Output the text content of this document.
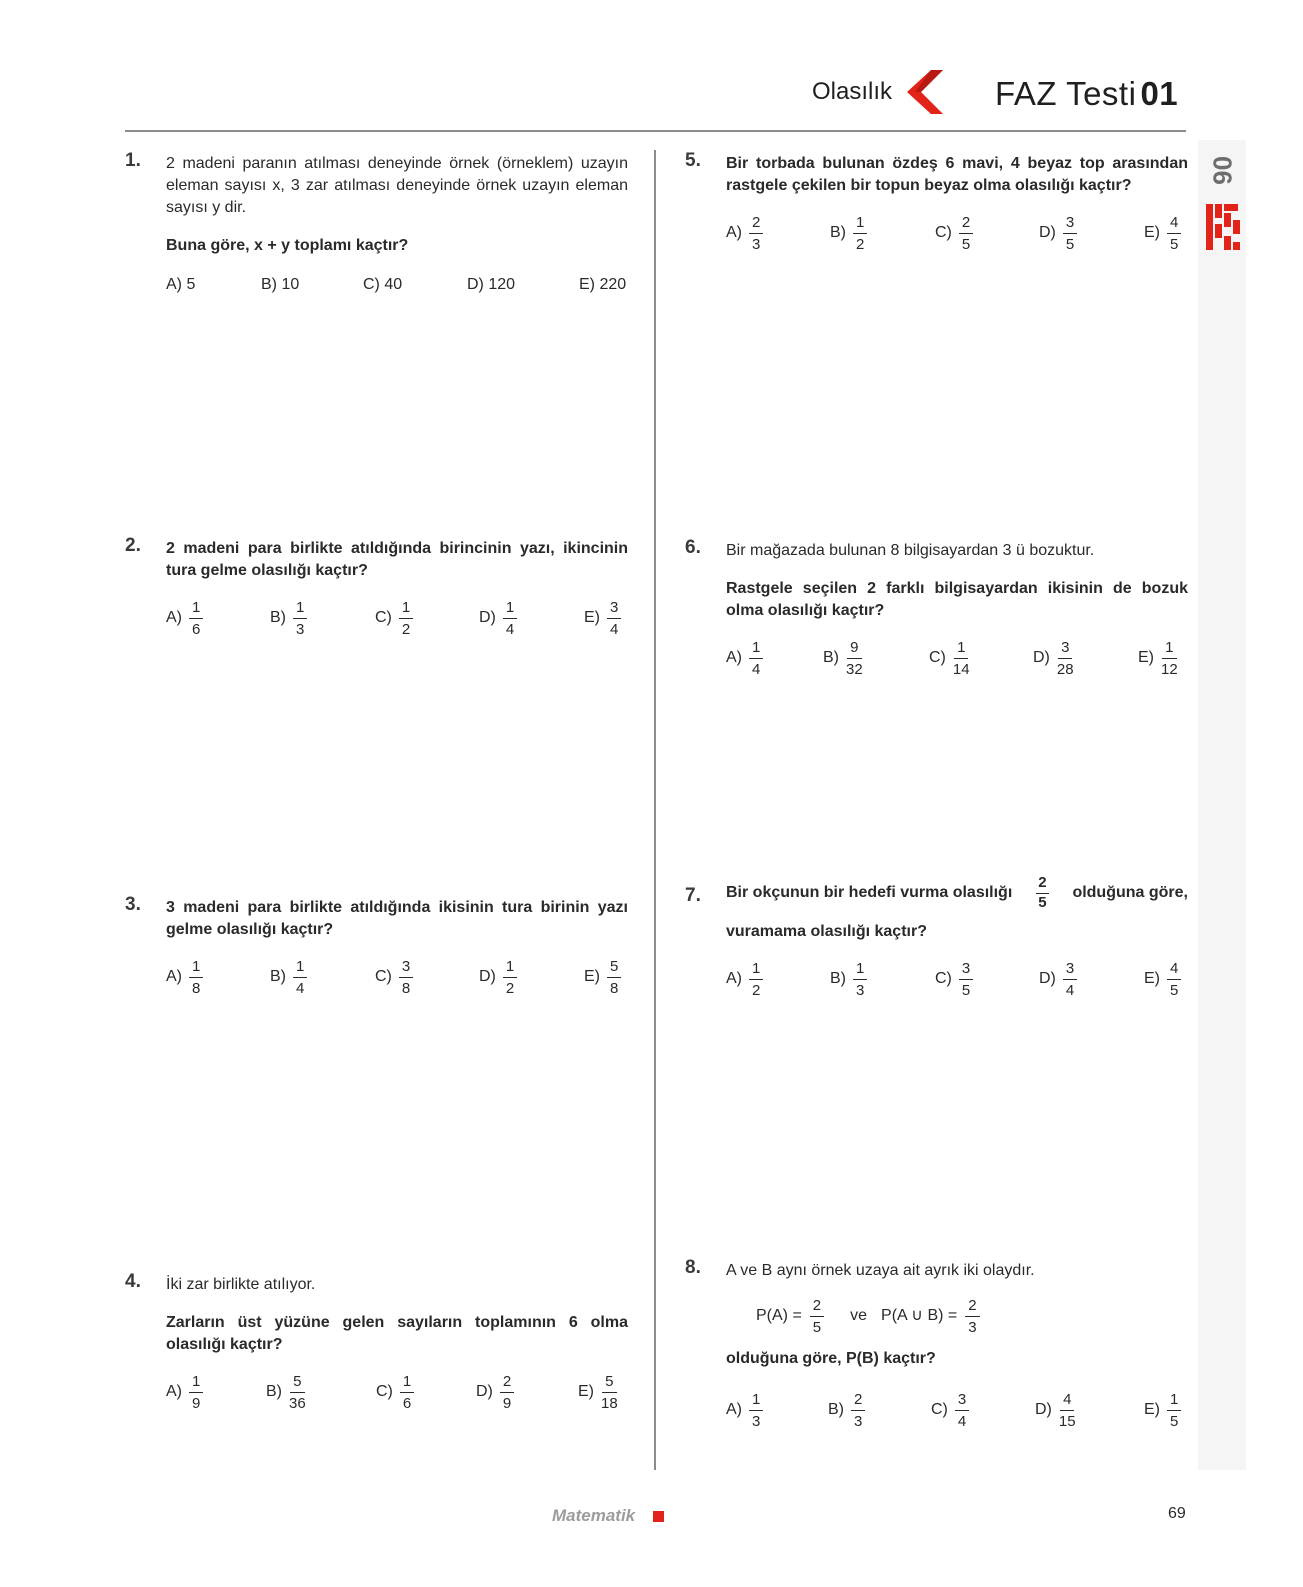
Olasılık	FAZ Testi 01
06
1. 2 madeni paranın atılması deneyinde örnek (örneklem) uzayın eleman sayısı x, 3 zar atılması deneyinde örnek uzayın eleman sayısı y dir.

Buna göre, x + y toplamı kaçtır?

A) 5	B) 10	C) 40	D) 120	E) 220
2. 2 madeni para birlikte atıldığında birincinin yazı, ikincinin tura gelme olasılığı kaçtır?

$A) \frac{1}{6}$	$B) \frac{1}{3}$	$C) \frac{1}{2}$	$D) \frac{1}{4}$	$E) \frac{3}{4}$
3. 3 madeni para birlikte atıldığında ikisinin tura birinin yazı gelme olasılığı kaçtır?

$A) \frac{1}{8}$	$B) \frac{1}{4}$	$C) \frac{3}{8}$	$D) \frac{1}{2}$	$E) \frac{5}{8}$
4. İki zar birlikte atılıyor.

Zarların üst yüzüne gelen sayıların toplamının 6 olma olasılığı kaçtır?

$A) \frac{1}{9}$	$B) \frac{5}{36}$	$C) \frac{1}{6}$	$D) \frac{2}{9}$	$E) \frac{5}{18}$
5. Bir torbada bulunan özdeş 6 mavi, 4 beyaz top arasından rastgele çekilen bir topun beyaz olma olasılığı kaçtır?

$A) \frac{2}{3}$	$B) \frac{1}{2}$	$C) \frac{2}{5}$	$D) \frac{3}{5}$	$E) \frac{4}{5}$
6. Bir mağazada bulunan 8 bilgisayardan 3 ü bozuktur.

Rastgele seçilen 2 farklı bilgisayardan ikisinin de bozuk olma olasılığı kaçtır?

$A) \frac{1}{4}$	$B) \frac{9}{32}$	$C) \frac{1}{14}$	$D) \frac{3}{28}$	$E) \frac{1}{12}$
7. Bir okçunun bir hedefi vurma olasılığı $\frac{2}{5}$ olduğuna göre,

vuramama olasılığı kaçtır?

$A) \frac{1}{2}$	$B) \frac{1}{3}$	$C) \frac{3}{5}$	$D) \frac{3}{4}$	$E) \frac{4}{5}$
8. A ve B aynı örnek uzaya ait ayrık iki olaydır.

$P(A) = \frac{2}{5}$ ve P(A ∪ $B) = \frac{2}{3}$

olduğuna göre, P(B) kaçtır?

$A) \frac{1}{3}$	$B) \frac{2}{3}$	$C) \frac{3}{4}$	$D) \frac{4}{15}$	$E) \frac{1}{5}$
Matematik	69
